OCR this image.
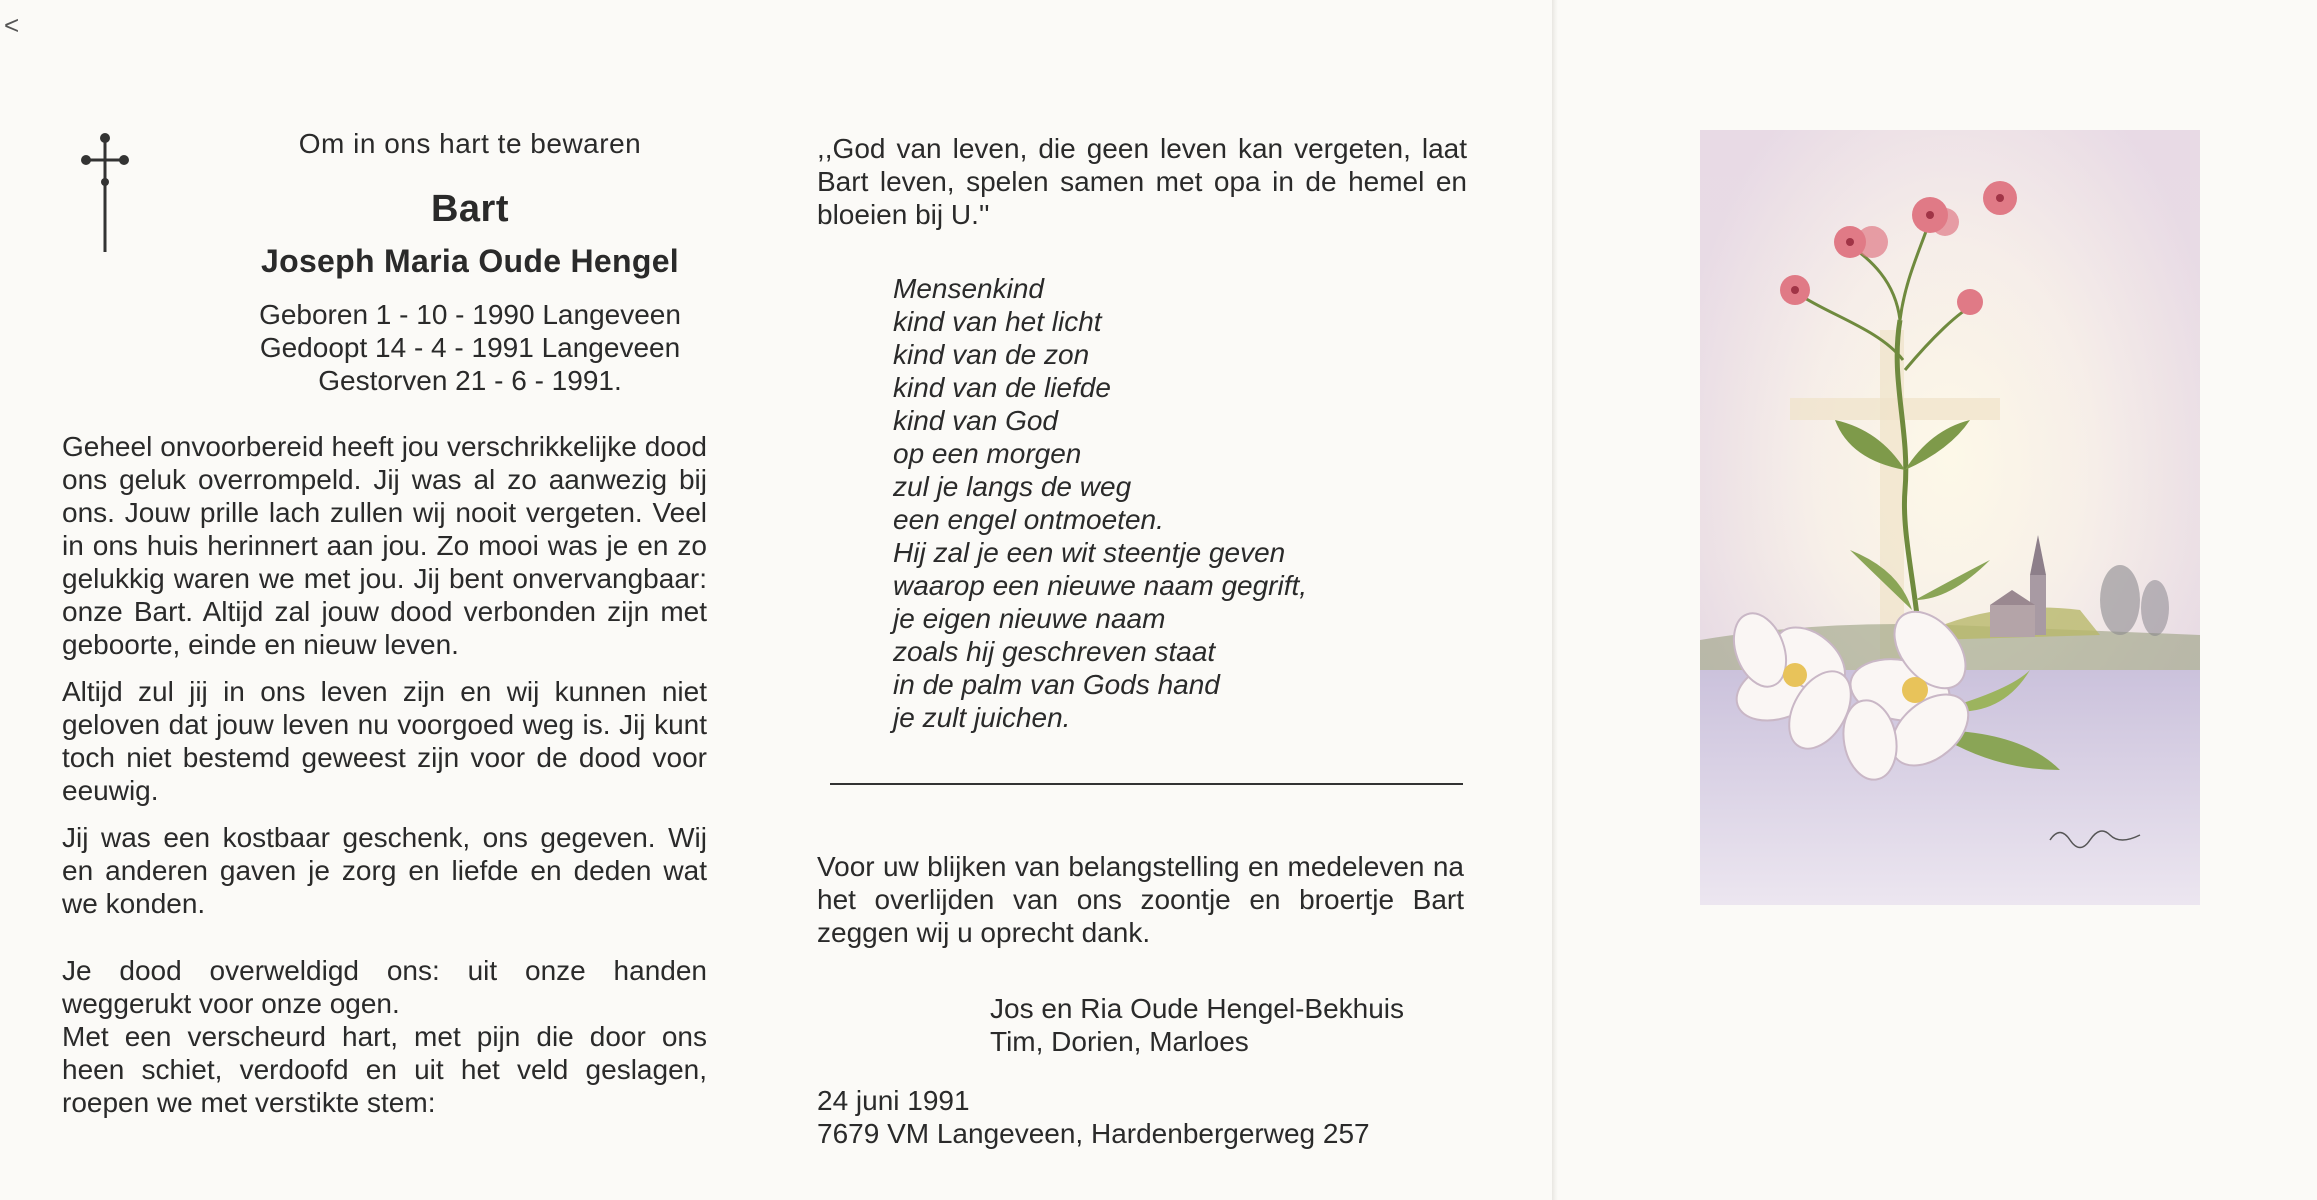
<

Om in ons hart te bewaren

Bart

Joseph Maria Oude Hengel

Geboren 1 - 10 - 1990 Langeveen
Gedoopt 14 - 4 - 1991 Langeveen
Gestorven 21 - 6 - 1991.

Geheel onvoorbereid heeft jou verschrikkelijke dood ons geluk overrompeld. Jij was al zo aanwezig bij ons. Jouw prille lach zullen wij nooit vergeten. Veel in ons huis herinnert aan jou. Zo mooi was je en zo gelukkig waren we met jou. Jij bent onvervangbaar: onze Bart. Altijd zal jouw dood verbonden zijn met geboorte, einde en nieuw leven.

Altijd zul jij in ons leven zijn en wij kunnen niet geloven dat jouw leven nu voorgoed weg is. Jij kunt toch niet bestemd geweest zijn voor de dood voor eeuwig.

Jij was een kostbaar geschenk, ons gegeven. Wij en anderen gaven je zorg en liefde en deden wat we konden.

Je dood overweldigd ons: uit onze handen weggerukt voor onze ogen.

Met een verscheurd hart, met pijn die door ons heen schiet, verdoofd en uit het veld geslagen, roepen we met verstikte stem:

,,God van leven, die geen leven kan vergeten, laat Bart leven, spelen samen met opa in de hemel en bloeien bij U.''
Mensenkind
kind van het licht
kind van de zon
kind van de liefde
kind van God
op een morgen
zul je langs de weg
een engel ontmoeten.
Hij zal je een wit steentje geven
waarop een nieuwe naam gegrift,
je eigen nieuwe naam
zoals hij geschreven staat
in de palm van Gods hand
je zult juichen.
Voor uw blijken van belangstelling en medeleven na het overlijden van ons zoontje en broertje Bart zeggen wij u oprecht dank.
Jos en Ria Oude Hengel-Bekhuis
Tim, Dorien, Marloes
24 juni 1991
7679 VM Langeveen, Hardenbergerweg 257
